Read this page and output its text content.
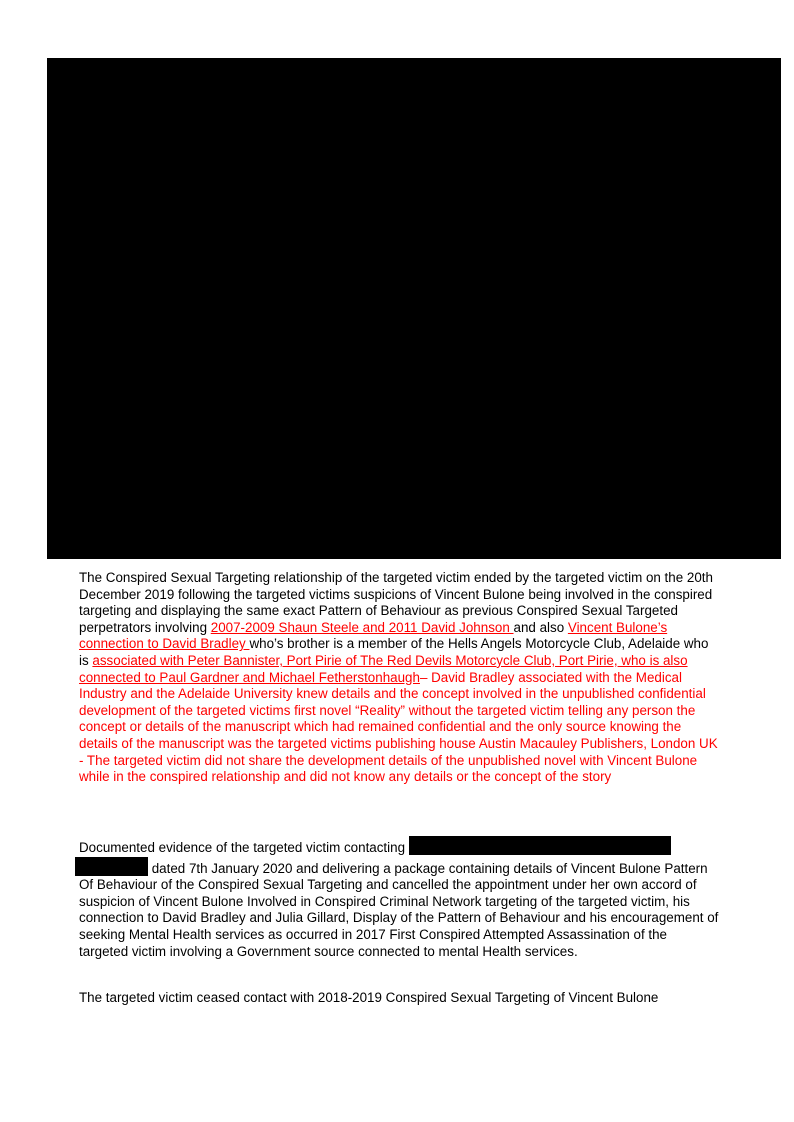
The Conspired Sexual Targeting relationship of the targeted victim ended by the targeted victim on the 20th December 2019 following the targeted victims suspicions of Vincent Bulone being involved in the conspired targeting and displaying the same exact Pattern of Behaviour as previous Conspired Sexual Targeted perpetrators involving 2007-2009 Shaun Steele and 2011 David Johnson and also Vincent Bulone’s connection to David Bradley who’s brother is a member of the Hells Angels Motorcycle Club, Adelaide who is associated with Peter Bannister, Port Pirie of The Red Devils Motorcycle Club, Port Pirie, who is also connected to Paul Gardner and Michael Fetherstonhaugh– David Bradley associated with the Medical Industry and the Adelaide University knew details and the concept involved in the unpublished confidential development of the targeted victims first novel “Reality” without the targeted victim telling any person the concept or details of the manuscript which had remained confidential and the only source knowing the details of the manuscript was the targeted victims publishing house Austin Macauley Publishers, London UK - The targeted victim did not share the development details of the unpublished novel with Vincent Bulone while in the conspired relationship and did not know any details or the concept of the story

Documented evidence of the targeted victim contacting
dated 7th January 2020 and delivering a package containing details of Vincent Bulone Pattern Of Behaviour of the Conspired Sexual Targeting and cancelled the appointment under her own accord of suspicion of Vincent Bulone Involved in Conspired Criminal Network targeting of the targeted victim, his connection to David Bradley and Julia Gillard, Display of the Pattern of Behaviour and his encouragement of seeking Mental Health services as occurred in 2017 First Conspired Attempted Assassination of the targeted victim involving a Government source connected to mental Health services.

The targeted victim ceased contact with 2018-2019 Conspired Sexual Targeting of Vincent Bulone
